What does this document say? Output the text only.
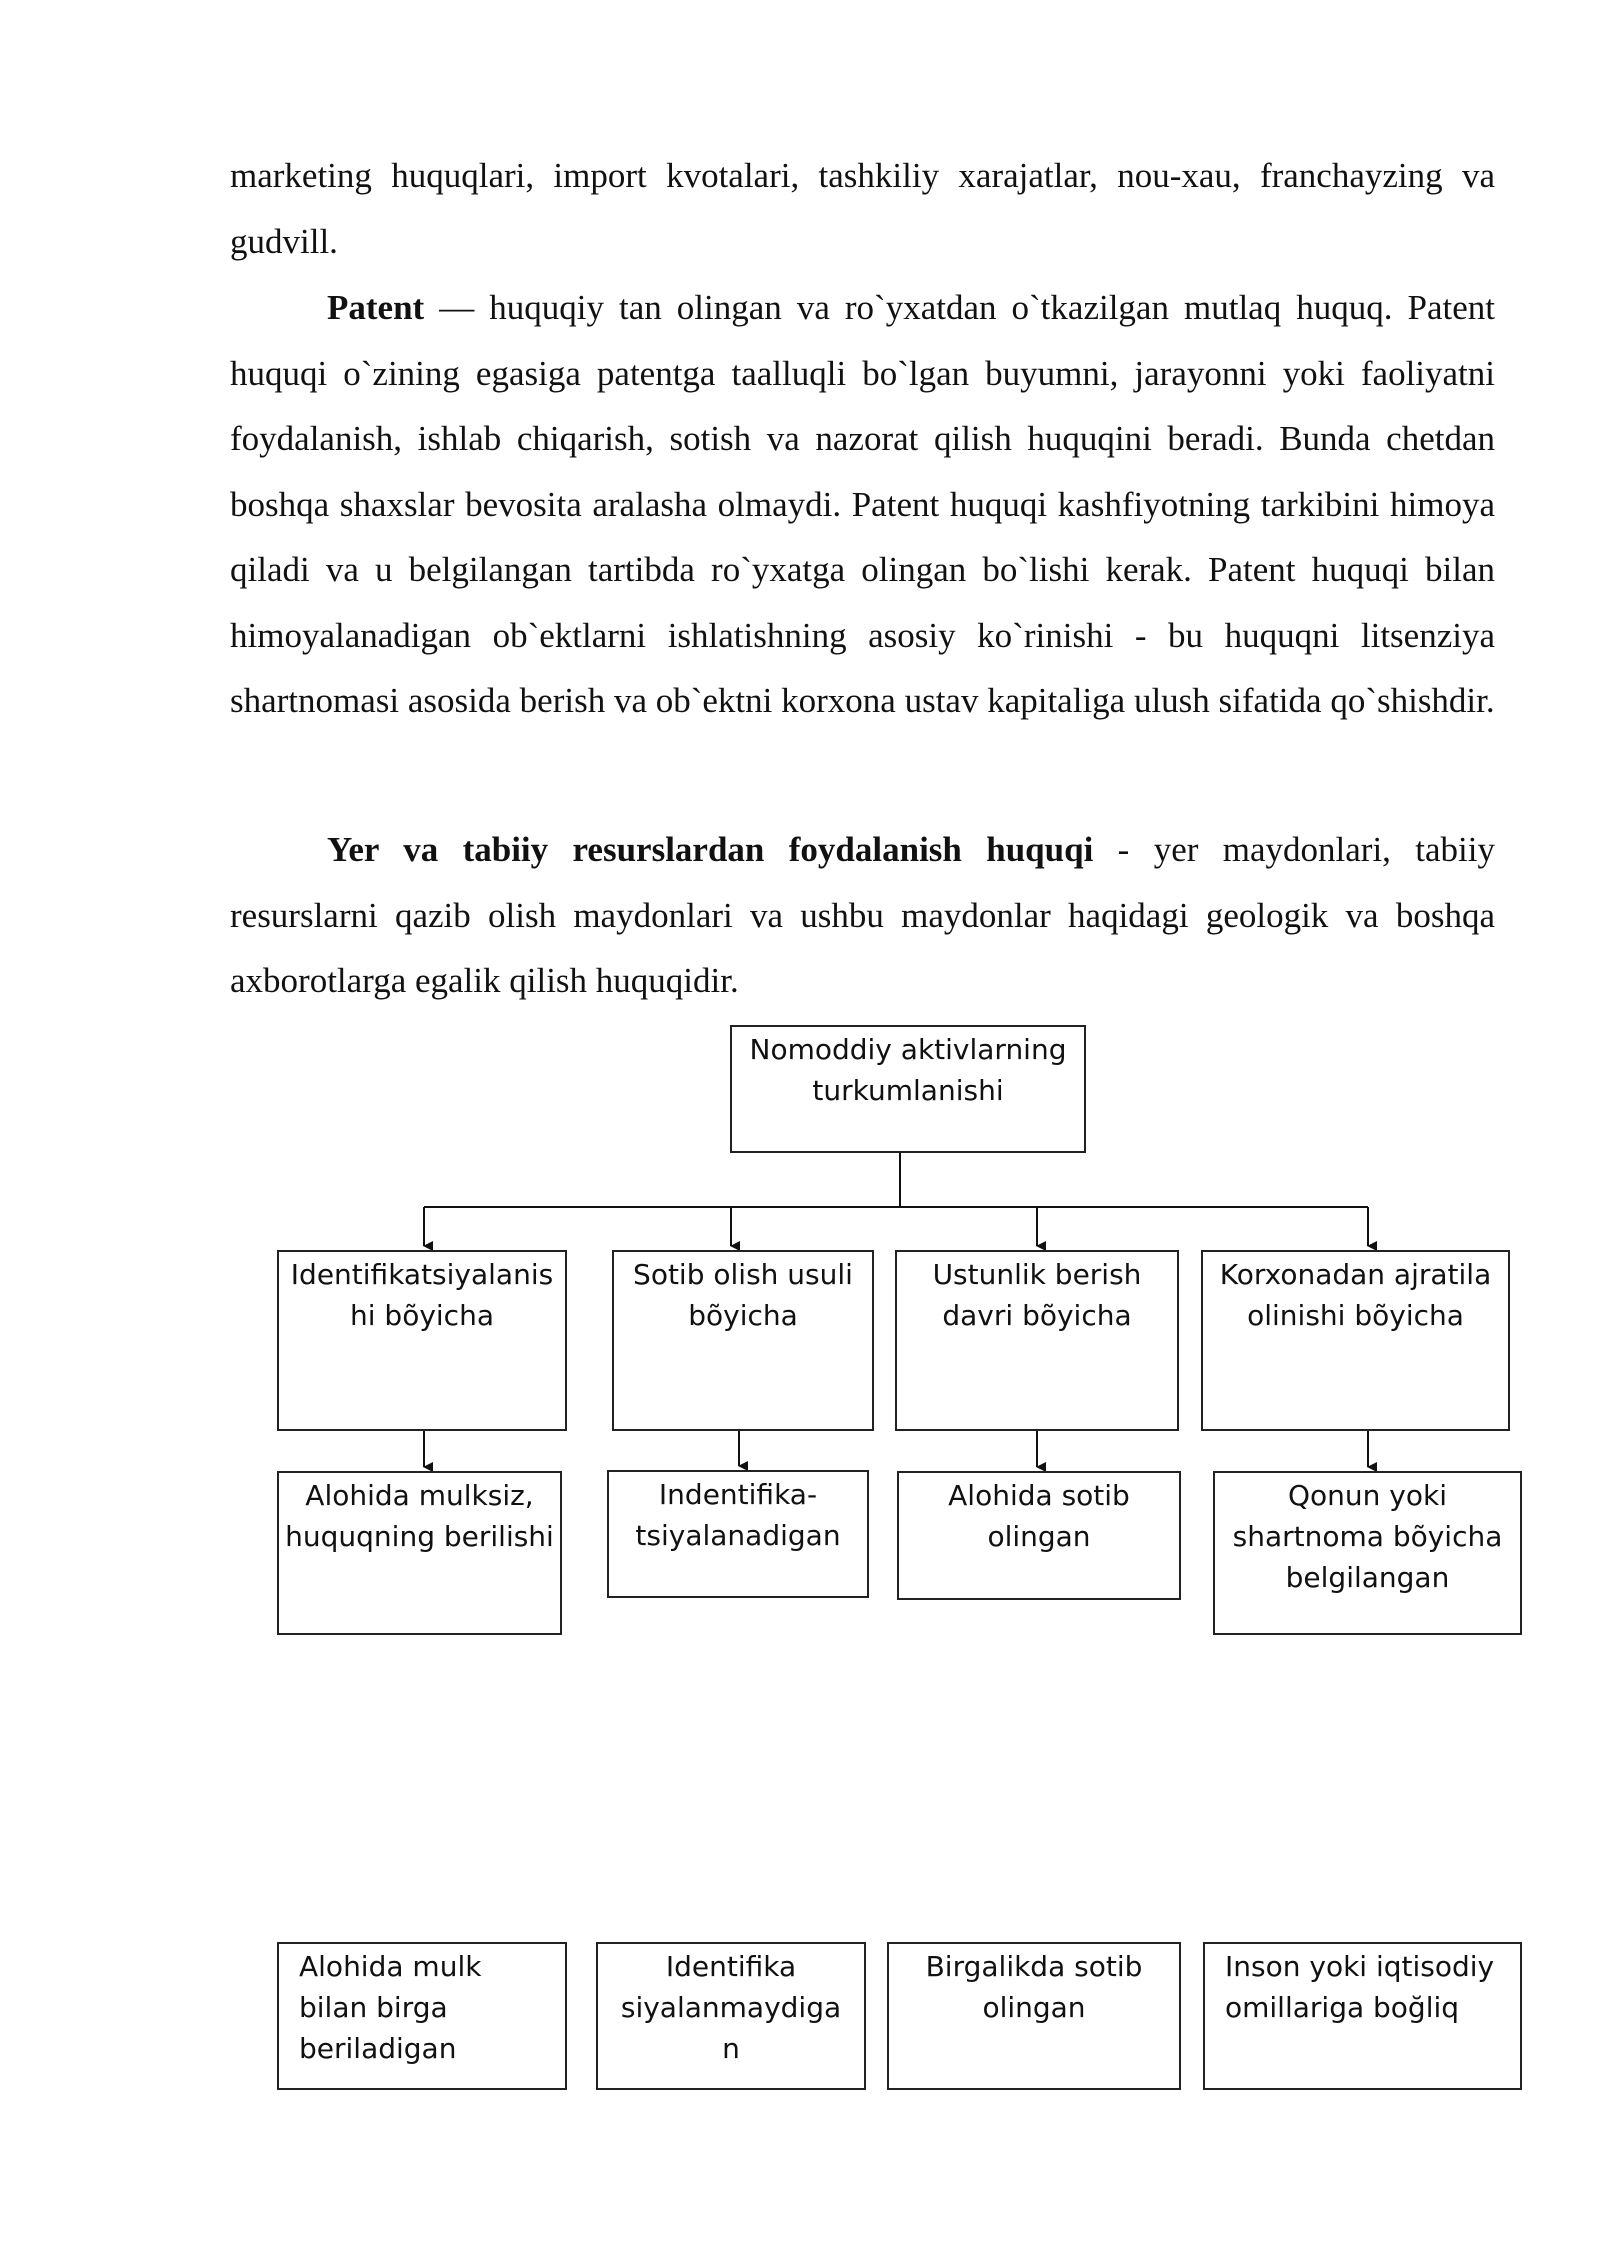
marketing huquqlari, import kvotalari, tashkiliy xarajatlar, nou-xau, franchayzing va gudvill.

Patent — huquqiy tan olingan va ro`yxatdan o`tkazilgan mutlaq huquq. Patent huquqi o`zining egasiga patentga taalluqli bo`lgan buyumni, jarayonni yoki faoliyatni foydalanish, ishlab chiqarish, sotish va nazorat qilish huquqini beradi. Bunda chetdan boshqa shaxslar bevosita aralasha olmaydi. Patent huquqi kashfiyotning tarkibini himoya qiladi va u belgilangan tartibda ro`yxatga olingan bo`lishi kerak. Patent huquqi bilan himoyalanadigan ob`ektlarni ishlatishning asosiy ko`rinishi - bu huquqni litsenziya shartnomasi asosida berish va ob`ektni korxona ustav kapitaliga ulush sifatida qo`shishdir.

Yer va tabiiy resurslardan foydalanish huquqi - yer maydonlari, tabiiy resurslarni qazib olish maydonlari va ushbu maydonlar haqidagi geologik va boshqa axborotlarga egalik qilish huquqidir.

Nomoddiy aktivlarning
turkumlanishi
Identifikatsiyalanis
hi bõyicha
Sotib olish usuli
bõyicha
Ustunlik berish
davri bõyicha
Korxonadan ajratila
olinishi bõyicha
Alohida mulksiz,
huquqning berilishi
Indentifika-
tsiyalanadigan
Alohida sotib
olingan
Qonun yoki
shartnoma bõyicha
belgilangan
Alohida mulk
bilan birga
beriladigan
Identifika
siyalanmaydiga
n
Birgalikda sotib
olingan
Inson yoki iqtisodiy
omillariga boğliq
